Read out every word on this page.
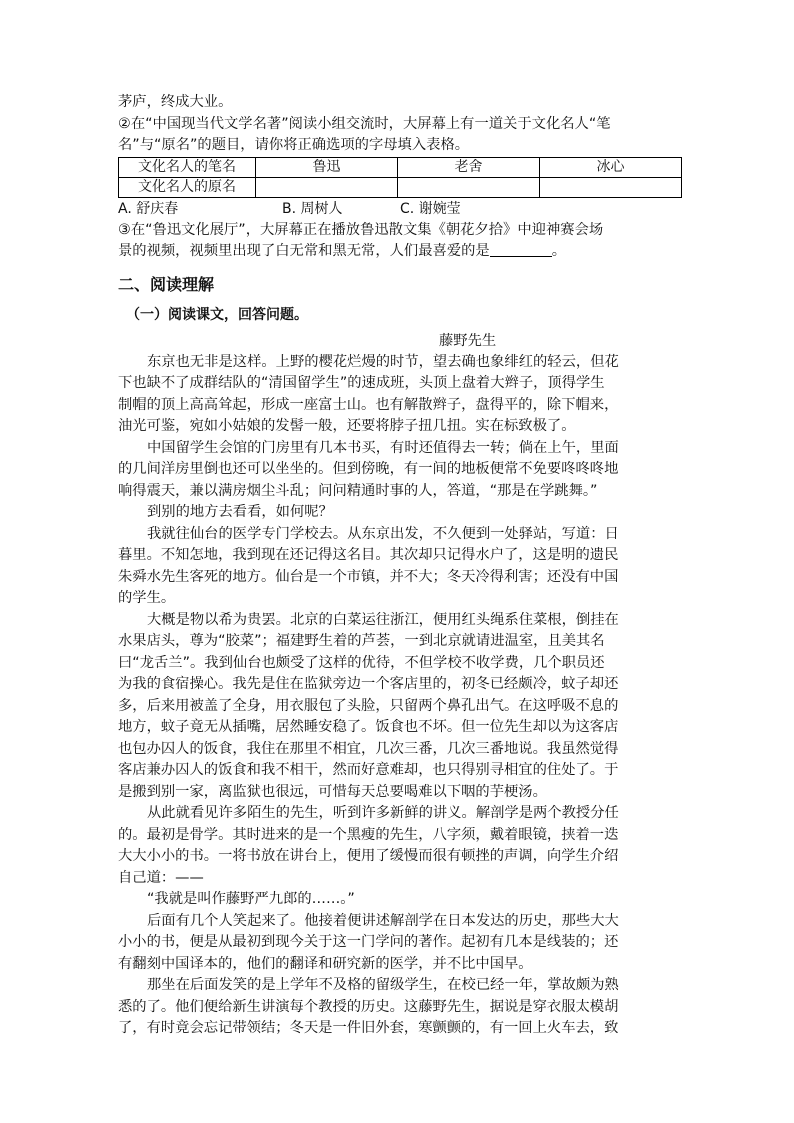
茅庐，终成大业。
②在“中国现当代文学名著”阅读小组交流时，大屏幕上有一道关于文化名人“笔
名”与“原名”的题目，请你将正确选项的字母填入表格。
文化名人的笔名	鲁迅	老舍	冰心
文化名人的原名			
A. 舒庆春	B. 周树人	C. 谢婉莹
③在“鲁迅文化展厅”，大屏幕正在播放鲁迅散文集《朝花夕拾》中迎神赛会场
景的视频，视频里出现了白无常和黑无常，人们最喜爱的是	。
二、阅读理解
（一）阅读课文，回答问题。
藤野先生
东京也无非是这样。上野的樱花烂熳的时节，望去确也象绯红的轻云，但花
下也缺不了成群结队的“清国留学生”的速成班，头顶上盘着大辫子，顶得学生
制帽的顶上高高耸起，形成一座富士山。也有解散辫子，盘得平的，除下帽来，
油光可鉴，宛如小姑娘的发髻一般，还要将脖子扭几扭。实在标致极了。
中国留学生会馆的门房里有几本书买，有时还值得去一转；倘在上午，里面
的几间洋房里倒也还可以坐坐的。但到傍晚，有一间的地板便常不免要咚咚咚地
响得震天，兼以满房烟尘斗乱；问问精通时事的人，答道，“那是在学跳舞。”
到别的地方去看看，如何呢？
我就往仙台的医学专门学校去。从东京出发，不久便到一处驿站，写道：日
暮里。不知怎地，我到现在还记得这名目。其次却只记得水户了，这是明的遗民
朱舜水先生客死的地方。仙台是一个市镇，并不大；冬天冷得利害；还没有中国
的学生。
大概是物以希为贵罢。北京的白菜运往浙江，便用红头绳系住菜根，倒挂在
水果店头，尊为“胶菜”；福建野生着的芦荟，一到北京就请进温室，且美其名
曰“龙舌兰”。我到仙台也颇受了这样的优待，不但学校不收学费，几个职员还
为我的食宿操心。我先是住在监狱旁边一个客店里的，初冬已经颇冷，蚊子却还
多，后来用被盖了全身，用衣服包了头脸，只留两个鼻孔出气。在这呼吸不息的
地方，蚊子竟无从插嘴，居然睡安稳了。饭食也不坏。但一位先生却以为这客店
也包办囚人的饭食，我住在那里不相宜，几次三番，几次三番地说。我虽然觉得
客店兼办囚人的饭食和我不相干，然而好意难却，也只得别寻相宜的住处了。于
是搬到别一家，离监狱也很远，可惜每天总要喝难以下咽的芋梗汤。
从此就看见许多陌生的先生，听到许多新鲜的讲义。解剖学是两个教授分任
的。最初是骨学。其时进来的是一个黑瘦的先生，八字须，戴着眼镜，挟着一迭
大大小小的书。一将书放在讲台上，便用了缓慢而很有顿挫的声调，向学生介绍
自己道：——
“我就是叫作藤野严九郎的……。”
后面有几个人笑起来了。他接着便讲述解剖学在日本发达的历史，那些大大
小小的书，便是从最初到现今关于这一门学问的著作。起初有几本是线装的；还
有翻刻中国译本的，他们的翻译和研究新的医学，并不比中国早。
那坐在后面发笑的是上学年不及格的留级学生，在校已经一年，掌故颇为熟
悉的了。他们便给新生讲演每个教授的历史。这藤野先生，据说是穿衣服太模胡
了，有时竟会忘记带领结；冬天是一件旧外套，寒颤颤的，有一回上火车去，致
